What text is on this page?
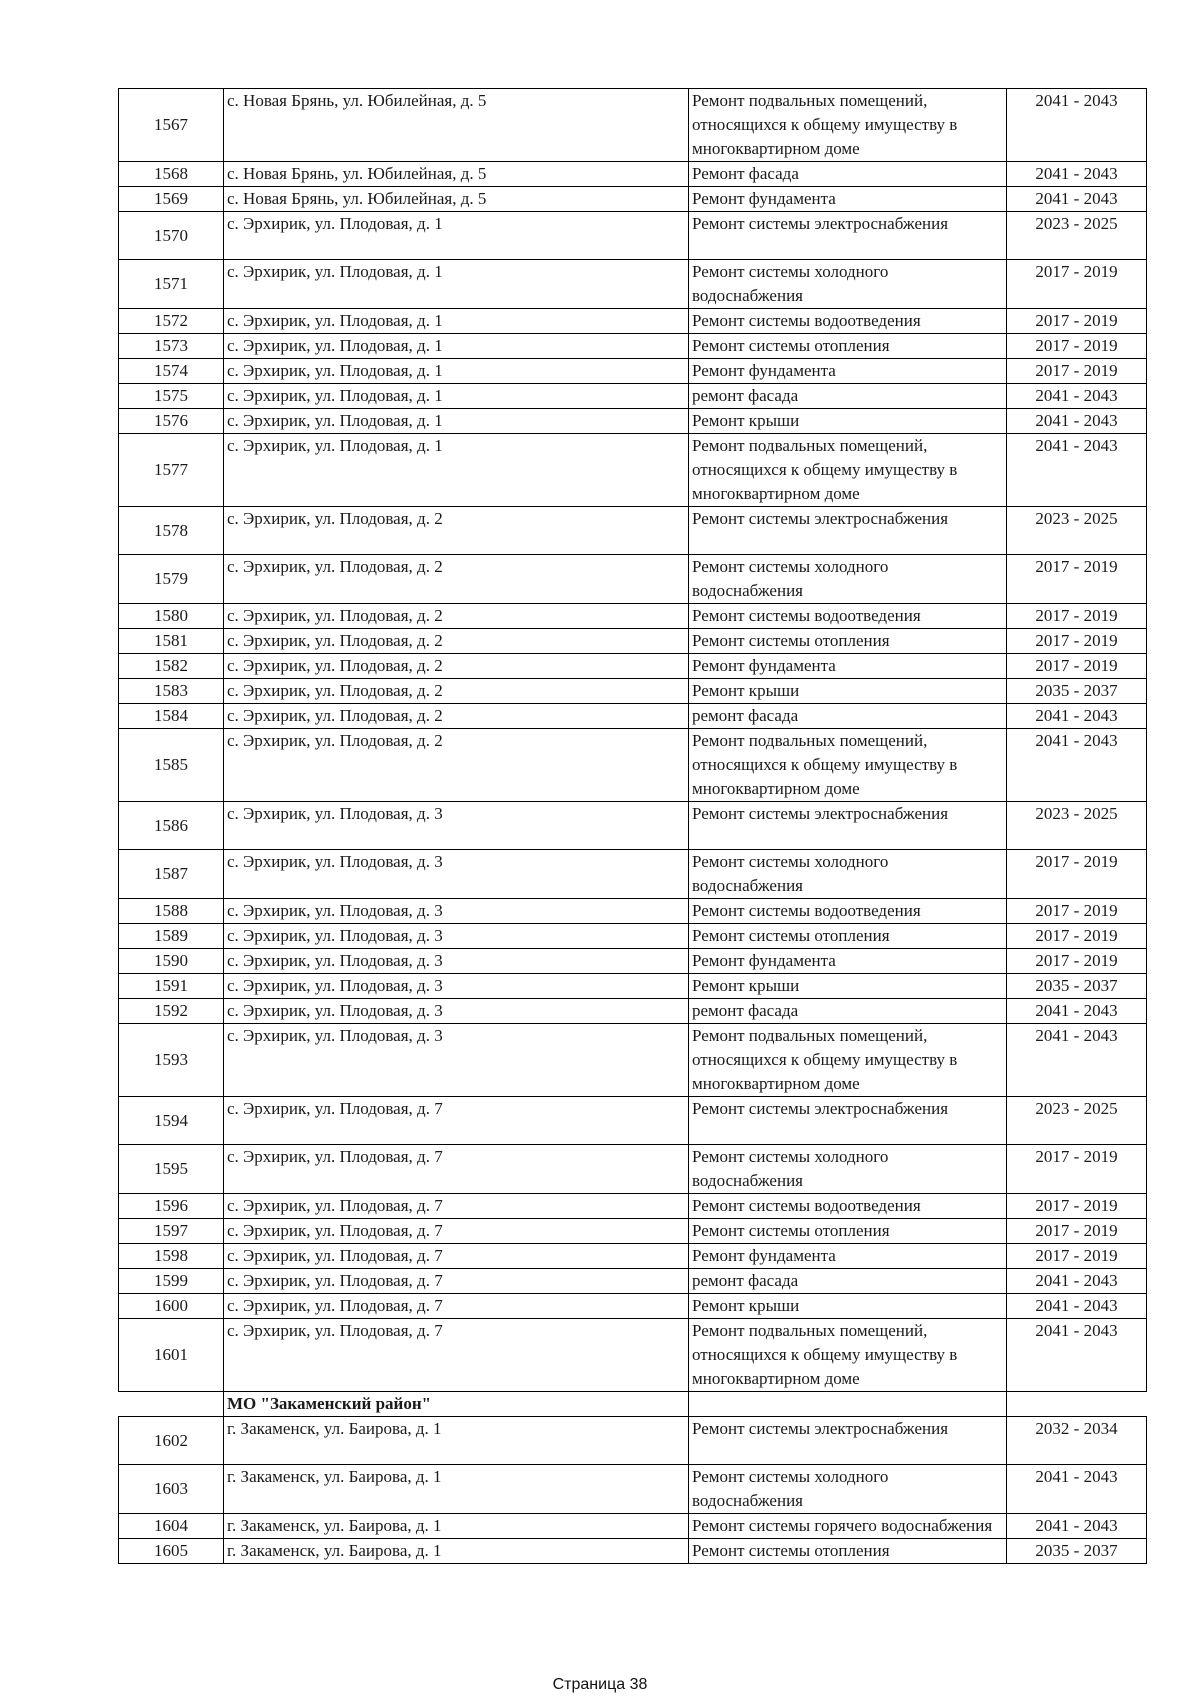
1567	с. Новая Брянь, ул. Юбилейная, д. 5	Ремонт подвальных помещений, относящихся к общему имуществу в многоквартирном доме	2041 - 2043
1568	с. Новая Брянь, ул. Юбилейная, д. 5	Ремонт фасада	2041 - 2043
1569	с. Новая Брянь, ул. Юбилейная, д. 5	Ремонт фундамента	2041 - 2043
1570	с. Эрхирик, ул. Плодовая, д. 1	Ремонт системы электроснабжения	2023 - 2025
1571	с. Эрхирик, ул. Плодовая, д. 1	Ремонт системы холодного водоснабжения	2017 - 2019
1572	с. Эрхирик, ул. Плодовая, д. 1	Ремонт системы водоотведения	2017 - 2019
1573	с. Эрхирик, ул. Плодовая, д. 1	Ремонт системы отопления	2017 - 2019
1574	с. Эрхирик, ул. Плодовая, д. 1	Ремонт фундамента	2017 - 2019
1575	с. Эрхирик, ул. Плодовая, д. 1	ремонт фасада	2041 - 2043
1576	с. Эрхирик, ул. Плодовая, д. 1	Ремонт крыши	2041 - 2043
1577	с. Эрхирик, ул. Плодовая, д. 1	Ремонт подвальных помещений, относящихся к общему имуществу в многоквартирном доме	2041 - 2043
1578	с. Эрхирик, ул. Плодовая, д. 2	Ремонт системы электроснабжения	2023 - 2025
1579	с. Эрхирик, ул. Плодовая, д. 2	Ремонт системы холодного водоснабжения	2017 - 2019
1580	с. Эрхирик, ул. Плодовая, д. 2	Ремонт системы водоотведения	2017 - 2019
1581	с. Эрхирик, ул. Плодовая, д. 2	Ремонт системы отопления	2017 - 2019
1582	с. Эрхирик, ул. Плодовая, д. 2	Ремонт фундамента	2017 - 2019
1583	с. Эрхирик, ул. Плодовая, д. 2	Ремонт крыши	2035 - 2037
1584	с. Эрхирик, ул. Плодовая, д. 2	ремонт фасада	2041 - 2043
1585	с. Эрхирик, ул. Плодовая, д. 2	Ремонт подвальных помещений, относящихся к общему имуществу в многоквартирном доме	2041 - 2043
1586	с. Эрхирик, ул. Плодовая, д. 3	Ремонт системы электроснабжения	2023 - 2025
1587	с. Эрхирик, ул. Плодовая, д. 3	Ремонт системы холодного водоснабжения	2017 - 2019
1588	с. Эрхирик, ул. Плодовая, д. 3	Ремонт системы водоотведения	2017 - 2019
1589	с. Эрхирик, ул. Плодовая, д. 3	Ремонт системы отопления	2017 - 2019
1590	с. Эрхирик, ул. Плодовая, д. 3	Ремонт фундамента	2017 - 2019
1591	с. Эрхирик, ул. Плодовая, д. 3	Ремонт крыши	2035 - 2037
1592	с. Эрхирик, ул. Плодовая, д. 3	ремонт фасада	2041 - 2043
1593	с. Эрхирик, ул. Плодовая, д. 3	Ремонт подвальных помещений, относящихся к общему имуществу в многоквартирном доме	2041 - 2043
1594	с. Эрхирик, ул. Плодовая, д. 7	Ремонт системы электроснабжения	2023 - 2025
1595	с. Эрхирик, ул. Плодовая, д. 7	Ремонт системы холодного водоснабжения	2017 - 2019
1596	с. Эрхирик, ул. Плодовая, д. 7	Ремонт системы водоотведения	2017 - 2019
1597	с. Эрхирик, ул. Плодовая, д. 7	Ремонт системы отопления	2017 - 2019
1598	с. Эрхирик, ул. Плодовая, д. 7	Ремонт фундамента	2017 - 2019
1599	с. Эрхирик, ул. Плодовая, д. 7	ремонт фасада	2041 - 2043
1600	с. Эрхирик, ул. Плодовая, д. 7	Ремонт крыши	2041 - 2043
1601	с. Эрхирик, ул. Плодовая, д. 7	Ремонт подвальных помещений, относящихся к общему имуществу в многоквартирном доме	2041 - 2043
	МО "Закаменский район"		
1602	г. Закаменск, ул. Баирова, д. 1	Ремонт системы электроснабжения	2032 - 2034
1603	г. Закаменск, ул. Баирова, д. 1	Ремонт системы холодного водоснабжения	2041 - 2043
1604	г. Закаменск, ул. Баирова, д. 1	Ремонт системы горячего водоснабжения	2041 - 2043
1605	г. Закаменск, ул. Баирова, д. 1	Ремонт системы отопления	2035 - 2037
Страница 38
